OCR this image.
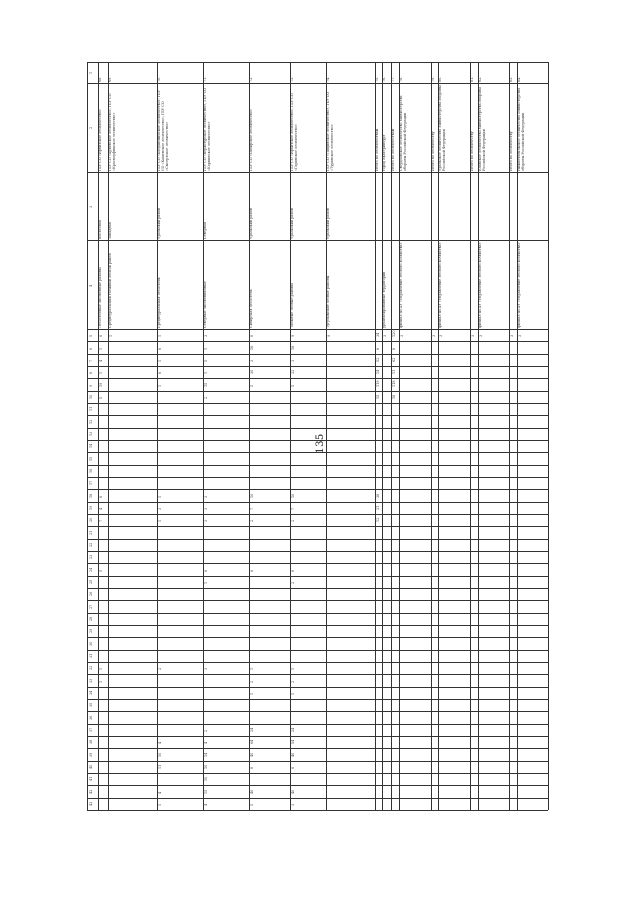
135
1
2
3
4
5
6
7
8
9
10
11
12
13
14
15
16
17
18
19
20
21
22
23
24
25
26
27
28
29
30
31
32
33
34
35
36
37
38
39
40
41
42
43
68.
ГБУ СО «Ирбитское лесничество»
Восточная
Лесостепные лиственные районы
6
1
4
1
19
5
6
4
7
5
1
1
69.
ГБУ СО «Артинское лесничество», ГБУ СО «Красноуфимское лесничество»
Западная
Среднеуральский таежный лесной район
1
70.
ГБУ СО «Богдановичское лесничество», ГБУ СО «Каменское лесничество», ГБУ СО «Сысертское лесничество»
Уральский район
Среднеуральская лесостепь
1
6
1
6
1
1
3
1
2
4
10
11
4
1
71.
ГБУ СО «Верхотурское лесничество», ГБУ СО «Карпинское лесничество»
Северная
Северные лиственничные
3
1
5
1
15
2
3
3
3
6
1
3
2
4
14
10
10
15
4
72.
ГБУ СО «Сибирское лесничество»
Уральский район
Сибирская лесостепь
8
16
3
30
5
10
7
2
6
1
2
1
24
64
40
8
40
5
73.
ГБУ СО «Ирбитское лесничество», ГБУ СО «Гаринское лесничество»
Уральский район
Таёжные лесные районы
9
18
3
32
5
10
7
2
8
2
1
2
1
24
54
40
6
40
3
74.
ГБУ СО «Тавдинское лесничество», ГБУ СО «Туринское лесничество»
Уральский район
Тугулымские лесные районы
9
75.
Итого по лесничествам
34
6
52
14
119
15
38
21
12
76.
город Екатеринбург
урбанизированные территории
3
77.
Итого по лесничествам
120
8
62
11
118
18
78.
Свердловское лесничество Министерства обороны Российской Федерации
филиал ФГАУ «Управление лесного хозяйства»
3
79.
Итого по лесничеству
3
80.
Уральское лесничество Министерства обороны Российской Федерации
филиал ФГАУ «Управление лесного хозяйства»
3
81.
Итого по лесничеству
3
82.
Еланское лесничество Министерства обороны Российской Федерации
филиал ФГАУ «Управление лесного хозяйства»
3
83.
Итого по лесничеству
3
84.
Нижнетагильское лесничество Министерства обороны Российской Федерации
филиал ФГАУ «Управление лесного хозяйства»
3
